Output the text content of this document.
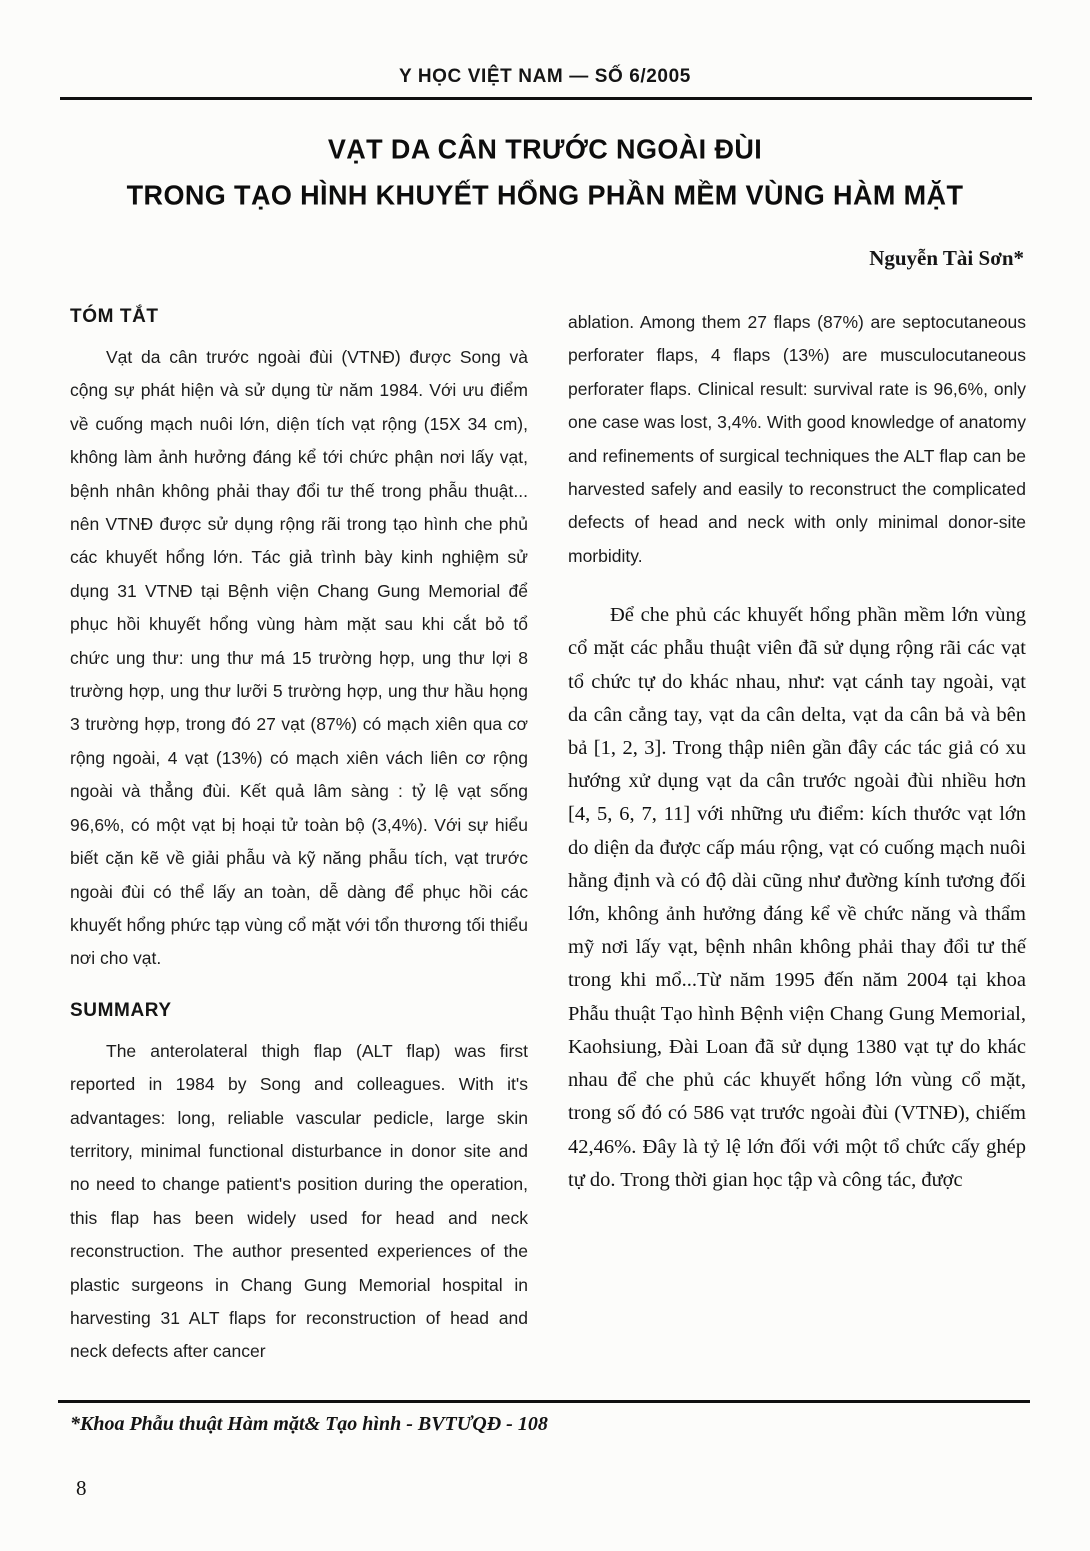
Y HỌC VIỆT NAM — SỐ 6/2005
VẠT DA CÂN TRƯỚC NGOÀI ĐÙI
TRONG TẠO HÌNH KHUYẾT HỔNG PHẦN MỀM VÙNG HÀM MẶT
Nguyễn Tài Sơn*
TÓM TẮT

Vạt da cân trước ngoài đùi (VTNĐ) được Song và cộng sự phát hiện và sử dụng từ năm 1984. Với ưu điểm về cuống mạch nuôi lớn, diện tích vạt rộng (15X 34 cm), không làm ảnh hưởng đáng kể tới chức phận nơi lấy vạt, bệnh nhân không phải thay đổi tư thế trong phẫu thuật... nên VTNĐ được sử dụng rộng rãi trong tạo hình che phủ các khuyết hổng lớn. Tác giả trình bày kinh nghiệm sử dụng 31 VTNĐ tại Bệnh viện Chang Gung Memorial để phục hồi khuyết hổng vùng hàm mặt sau khi cắt bỏ tổ chức ung thư: ung thư má 15 trường hợp, ung thư lợi 8 trường hợp, ung thư lưỡi 5 trường hợp, ung thư hầu họng 3 trường hợp, trong đó 27 vạt (87%) có mạch xiên qua cơ rộng ngoài, 4 vạt (13%) có mạch xiên vách liên cơ rộng ngoài và thẳng đùi. Kết quả lâm sàng : tỷ lệ vạt sống 96,6%, có một vạt bị hoại tử toàn bộ (3,4%). Với sự hiểu biết cặn kẽ về giải phẫu và kỹ năng phẫu tích, vạt trước ngoài đùi có thể lấy an toàn, dễ dàng để phục hồi các khuyết hổng phức tạp vùng cổ mặt với tổn thương tối thiểu nơi cho vạt.

SUMMARY

The anterolateral thigh flap (ALT flap) was first reported in 1984 by Song and colleagues. With it's advantages: long, reliable vascular pedicle, large skin territory, minimal functional disturbance in donor site and no need to change patient's position during the operation, this flap has been widely used for head and neck reconstruction. The author presented experiences of the plastic surgeons in Chang Gung Memorial hospital in harvesting 31 ALT flaps for reconstruction of head and neck defects after cancer

ablation. Among them 27 flaps (87%) are septocutaneous perforater flaps, 4 flaps (13%) are musculocutaneous perforater flaps. Clinical result: survival rate is 96,6%, only one case was lost, 3,4%. With good knowledge of anatomy and refinements of surgical techniques the ALT flap can be harvested safely and easily to reconstruct the complicated defects of head and neck with only minimal donor-site morbidity.

Để che phủ các khuyết hổng phần mềm lớn vùng cổ mặt các phẫu thuật viên đã sử dụng rộng rãi các vạt tổ chức tự do khác nhau, như: vạt cánh tay ngoài, vạt da cân cẳng tay, vạt da cân delta, vạt da cân bả và bên bả [1, 2, 3]. Trong thập niên gần đây các tác giả có xu hướng xử dụng vạt da cân trước ngoài đùi nhiều hơn [4, 5, 6, 7, 11] với những ưu điểm: kích thước vạt lớn do diện da được cấp máu rộng, vạt có cuống mạch nuôi hằng định và có độ dài cũng như đường kính tương đối lớn, không ảnh hưởng đáng kể về chức năng và thẩm mỹ nơi lấy vạt, bệnh nhân không phải thay đổi tư thế trong khi mổ...Từ năm 1995 đến năm 2004 tại khoa Phẫu thuật Tạo hình Bệnh viện Chang Gung Memorial, Kaohsiung, Đài Loan đã sử dụng 1380 vạt tự do khác nhau để che phủ các khuyết hổng lớn vùng cổ mặt, trong số đó có 586 vạt trước ngoài đùi (VTNĐ), chiếm 42,46%. Đây là tỷ lệ lớn đối với một tổ chức cấy ghép tự do. Trong thời gian học tập và công tác, được

*Khoa Phẫu thuật Hàm mặt& Tạo hình - BVTƯQĐ - 108
8
